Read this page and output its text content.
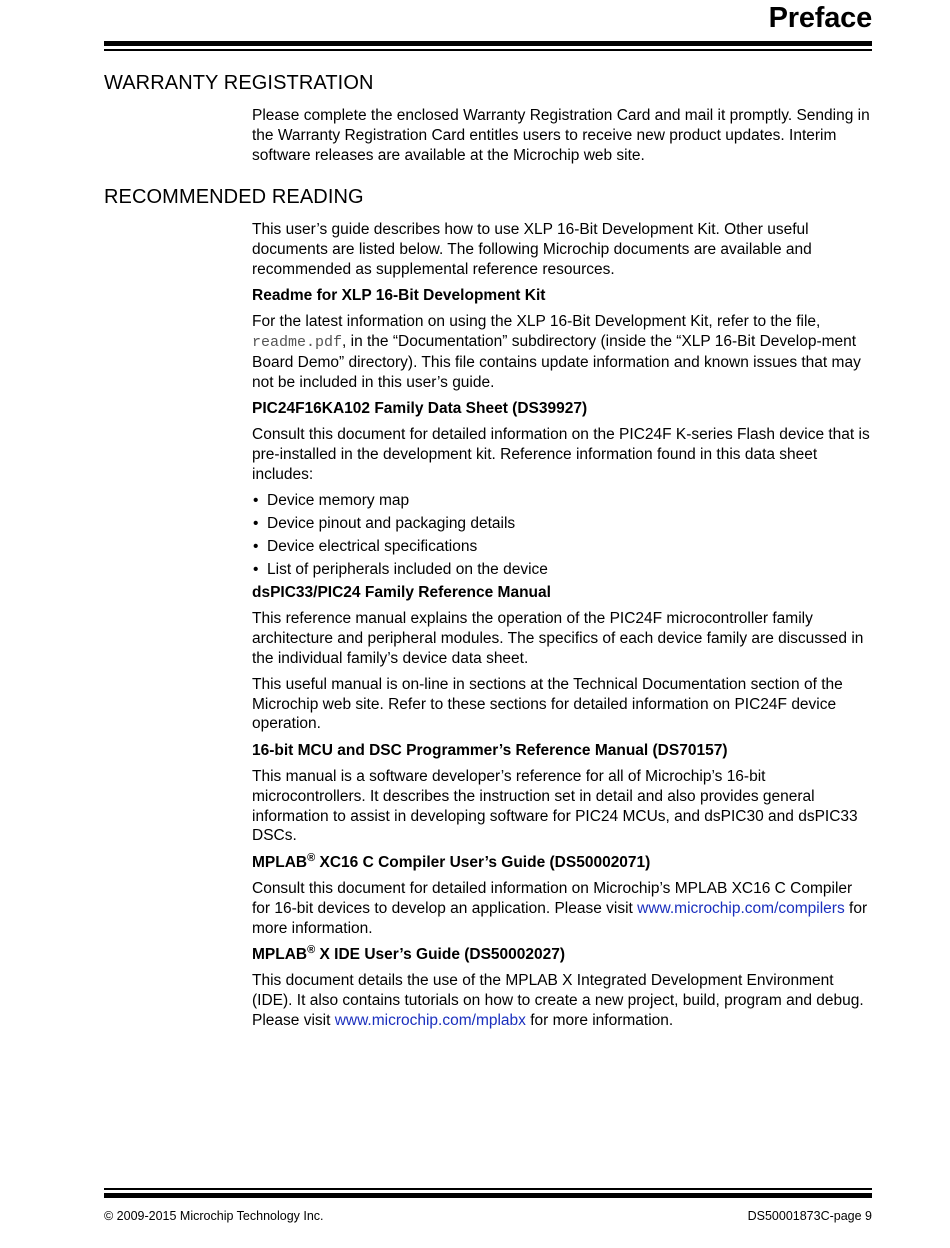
Preface
WARRANTY REGISTRATION

Please complete the enclosed Warranty Registration Card and mail it promptly. Sending in the Warranty Registration Card entitles users to receive new product updates. Interim software releases are available at the Microchip web site.

RECOMMENDED READING

This user’s guide describes how to use XLP 16-Bit Development Kit. Other useful documents are listed below. The following Microchip documents are available and recommended as supplemental reference resources.

Readme for XLP 16-Bit Development Kit

For the latest information on using the XLP 16-Bit Development Kit, refer to the file, readme.pdf, in the “Documentation” subdirectory (inside the “XLP 16-Bit Develop-ment Board Demo” directory). This file contains update information and known issues that may not be included in this user’s guide.

PIC24F16KA102 Family Data Sheet (DS39927)

Consult this document for detailed information on the PIC24F K-series Flash device that is pre-installed in the development kit. Reference information found in this data sheet includes:

• Device memory map
• Device pinout and packaging details
• Device electrical specifications
• List of peripherals included on the device
dsPIC33/PIC24 Family Reference Manual

This reference manual explains the operation of the PIC24F microcontroller family architecture and peripheral modules. The specifics of each device family are discussed in the individual family’s device data sheet.

This useful manual is on-line in sections at the Technical Documentation section of the Microchip web site. Refer to these sections for detailed information on PIC24F device operation.

16-bit MCU and DSC Programmer’s Reference Manual (DS70157)

This manual is a software developer’s reference for all of Microchip’s 16-bit microcontrollers. It describes the instruction set in detail and also provides general information to assist in developing software for PIC24 MCUs, and dsPIC30 and dsPIC33 DSCs.

MPLAB® XC16 C Compiler User’s Guide (DS50002071)

Consult this document for detailed information on Microchip’s MPLAB XC16 C Compiler for 16-bit devices to develop an application. Please visit www.microchip.com/compilers for more information.

MPLAB® X IDE User’s Guide (DS50002027)

This document details the use of the MPLAB X Integrated Development Environment (IDE). It also contains tutorials on how to create a new project, build, program and debug. Please visit www.microchip.com/mplabx for more information.

© 2009-2015 Microchip Technology Inc.	DS50001873C-page 9
